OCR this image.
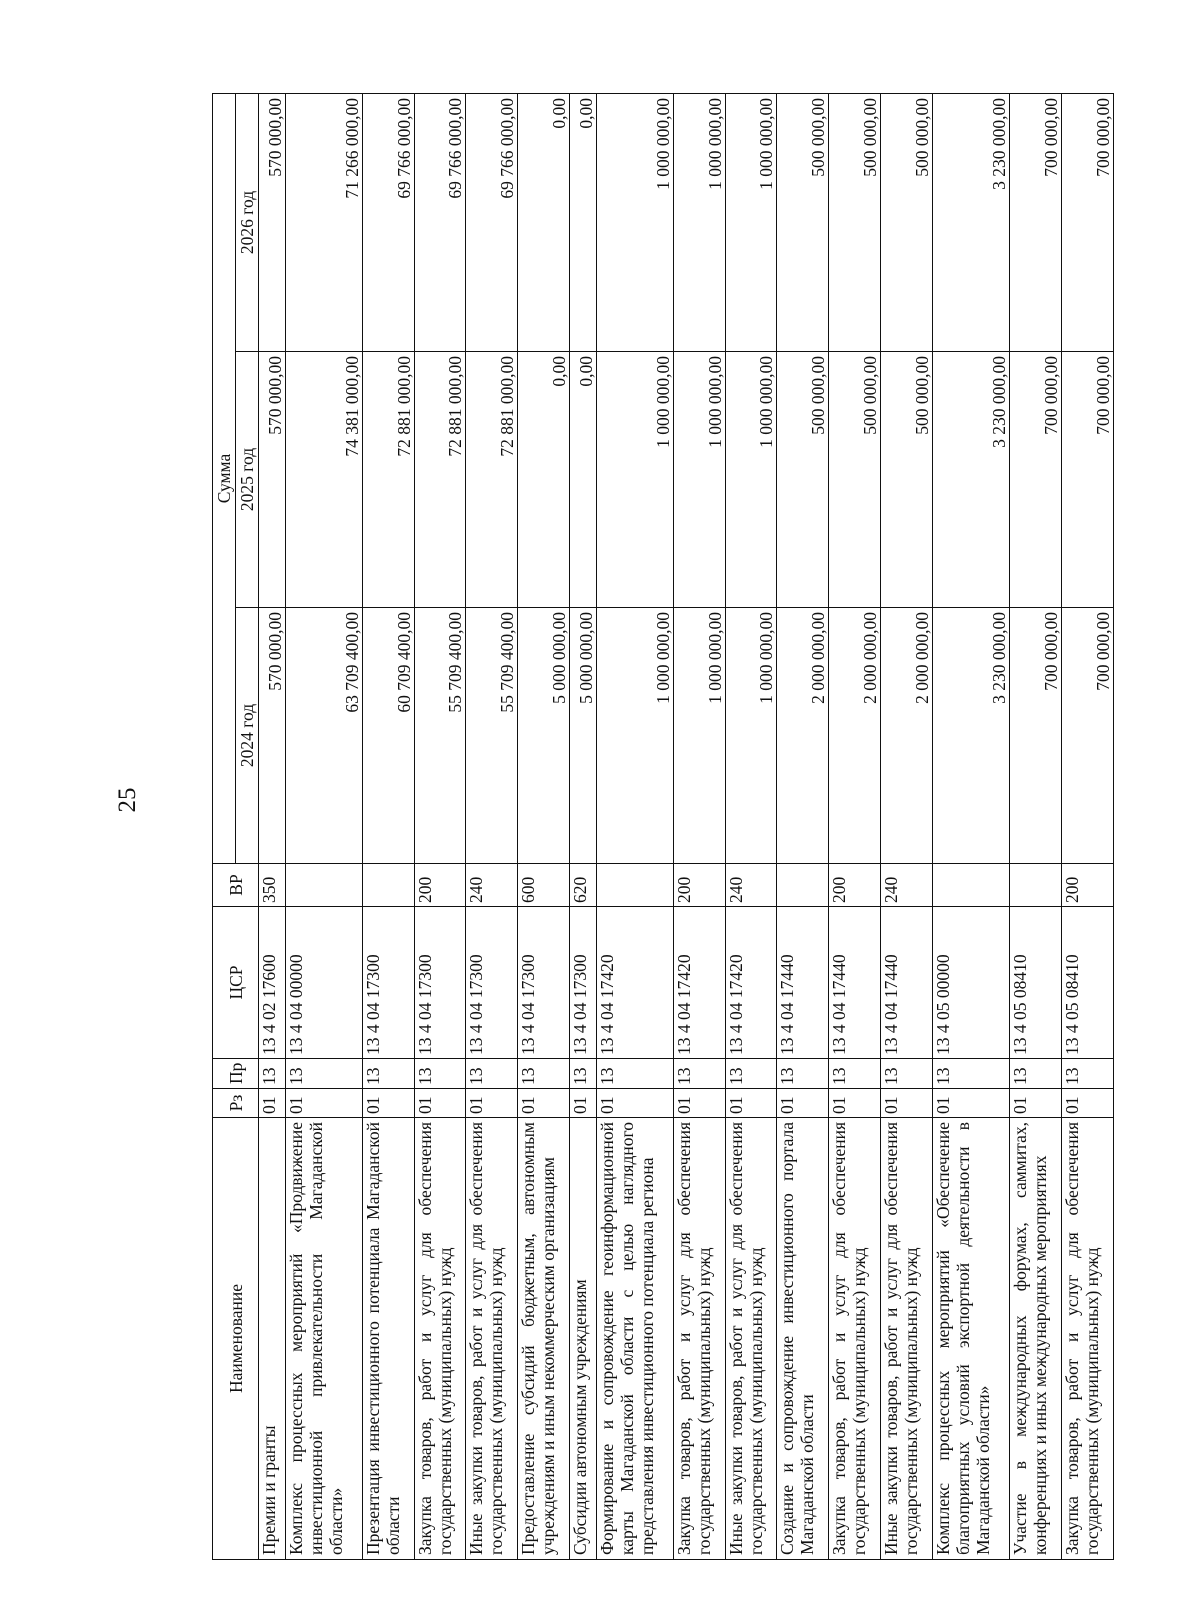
25
Наименование	Рз	Пр	ЦСР	ВР	Сумма		
					2024 год	2025 год	2026 год
Премии и гранты	01	13	13 4 02 17600	350	570 000,00	570 000,00	570 000,00
Комплекс процессных мероприятий «Продвижение инвестиционной привлекательности Магаданской области»	01	13	13 4 04 00000		63 709 400,00	74 381 000,00	71 266 000,00
Презентация инвестиционного потенциала Магаданской области	01	13	13 4 04 17300		60 709 400,00	72 881 000,00	69 766 000,00
Закупка товаров, работ и услуг для обеспечения государственных (муниципальных) нужд	01	13	13 4 04 17300	200	55 709 400,00	72 881 000,00	69 766 000,00
Иные закупки товаров, работ и услуг для обеспечения государственных (муниципальных) нужд	01	13	13 4 04 17300	240	55 709 400,00	72 881 000,00	69 766 000,00
Предоставление субсидий бюджетным, автономным учреждениям и иным некоммерческим организациям	01	13	13 4 04 17300	600	5 000 000,00	0,00	0,00
Субсидии автономным учреждениям	01	13	13 4 04 17300	620	5 000 000,00	0,00	0,00
Формирование и сопровождение геоинформационной карты Магаданской области с целью наглядного представления инвестиционного потенциала региона	01	13	13 4 04 17420		1 000 000,00	1 000 000,00	1 000 000,00
Закупка товаров, работ и услуг для обеспечения государственных (муниципальных) нужд	01	13	13 4 04 17420	200	1 000 000,00	1 000 000,00	1 000 000,00
Иные закупки товаров, работ и услуг для обеспечения государственных (муниципальных) нужд	01	13	13 4 04 17420	240	1 000 000,00	1 000 000,00	1 000 000,00
Создание и сопровождение инвестиционного портала Магаданской области	01	13	13 4 04 17440		2 000 000,00	500 000,00	500 000,00
Закупка товаров, работ и услуг для обеспечения государственных (муниципальных) нужд	01	13	13 4 04 17440	200	2 000 000,00	500 000,00	500 000,00
Иные закупки товаров, работ и услуг для обеспечения государственных (муниципальных) нужд	01	13	13 4 04 17440	240	2 000 000,00	500 000,00	500 000,00
Комплекс процессных мероприятий «Обеспечение благоприятных условий экспортной деятельности в Магаданской области»	01	13	13 4 05 00000		3 230 000,00	3 230 000,00	3 230 000,00
Участие в международных форумах, саммитах, конференциях и иных международных мероприятиях	01	13	13 4 05 08410		700 000,00	700 000,00	700 000,00
Закупка товаров, работ и услуг для обеспечения государственных (муниципальных) нужд	01	13	13 4 05 08410	200	700 000,00	700 000,00	700 000,00
